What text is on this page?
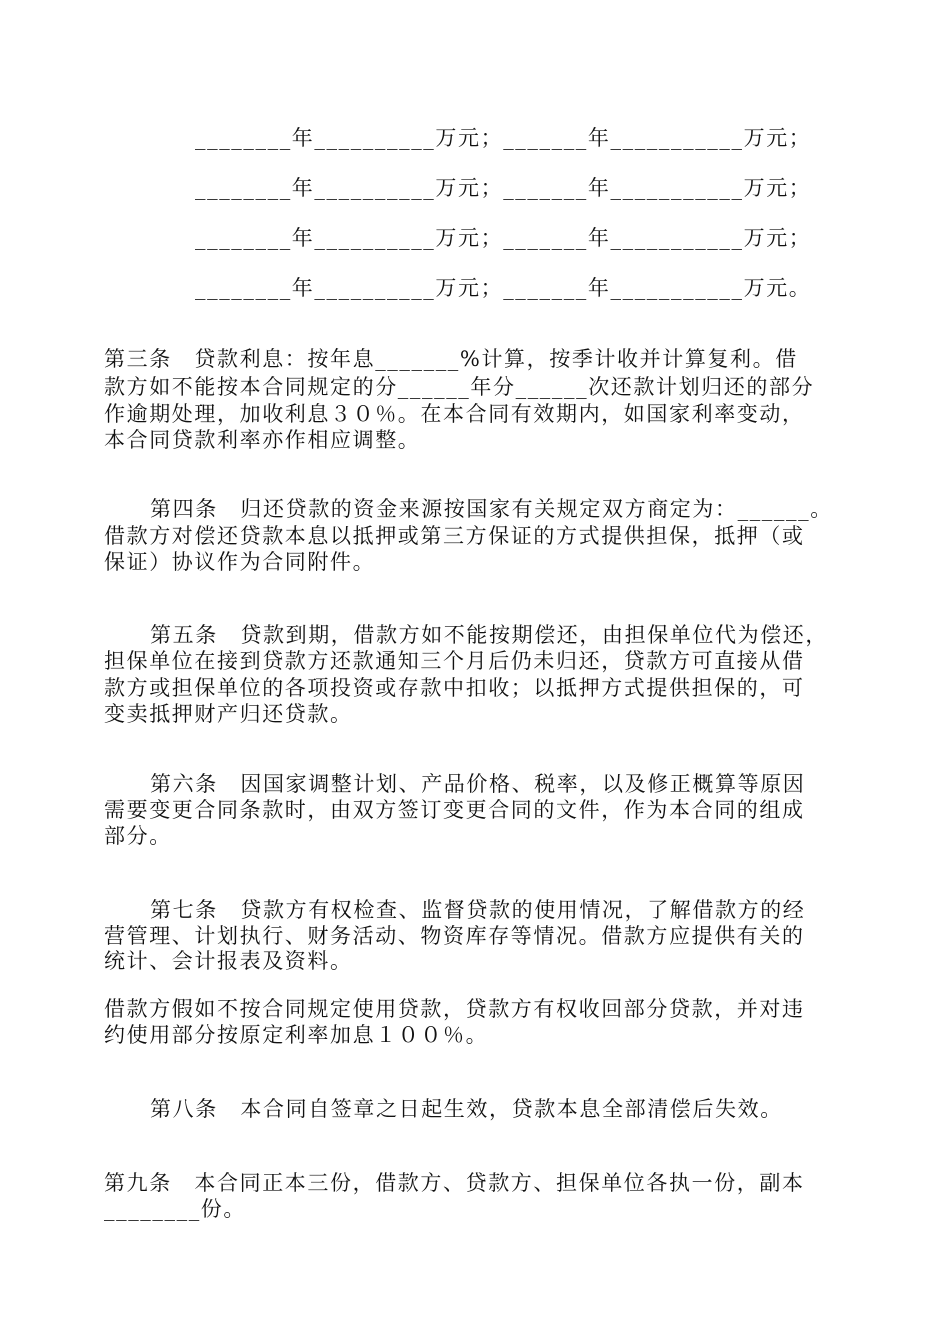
________年__________万元；_______年___________万元；
________年__________万元；_______年___________万元；
________年__________万元；_______年___________万元；
________年__________万元；_______年___________万元。
第三条　贷款利息：按年息_______%计算，按季计收并计算复利。借
款方如不能按本合同规定的分______年分______次还款计划归还的部分
作逾期处理，加收利息３０％。在本合同有效期内，如国家利率变动，
本合同贷款利率亦作相应调整。
第四条　归还贷款的资金来源按国家有关规定双方商定为：______。
借款方对偿还贷款本息以抵押或第三方保证的方式提供担保，抵押（或
保证）协议作为合同附件。
第五条　贷款到期，借款方如不能按期偿还，由担保单位代为偿还，
担保单位在接到贷款方还款通知三个月后仍未归还，贷款方可直接从借
款方或担保单位的各项投资或存款中扣收；以抵押方式提供担保的，可
变卖抵押财产归还贷款。
第六条　因国家调整计划、产品价格、税率，以及修正概算等原因
需要变更合同条款时，由双方签订变更合同的文件，作为本合同的组成
部分。
第七条　贷款方有权检查、监督贷款的使用情况，了解借款方的经
营管理、计划执行、财务活动、物资库存等情况。借款方应提供有关的
统计、会计报表及资料。
借款方假如不按合同规定使用贷款，贷款方有权收回部分贷款，并对违
约使用部分按原定利率加息１００％。
第八条　本合同自签章之日起生效，贷款本息全部清偿后失效。
第九条　本合同正本三份，借款方、贷款方、担保单位各执一份，副本
________份。
